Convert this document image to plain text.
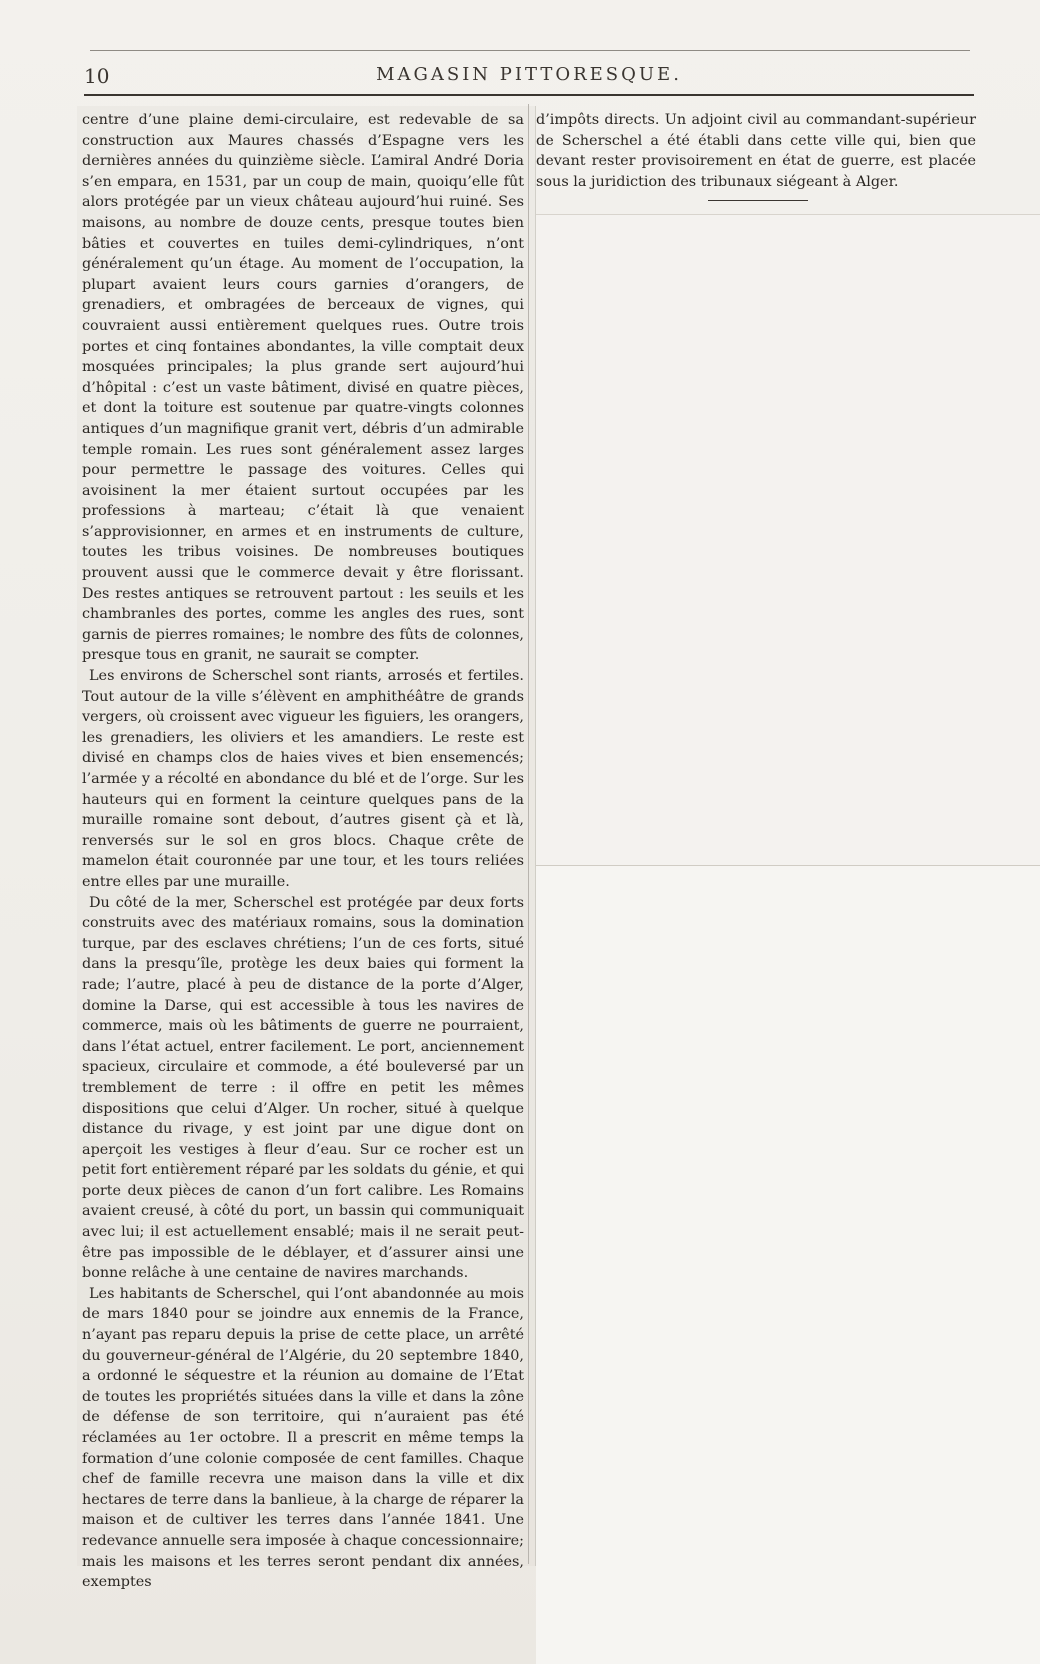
10	MAGASIN PITTORESQUE.

centre d’une plaine demi-circulaire, est redevable de sa construction aux Maures chassés d’Espagne vers les dernières années du quinzième siècle. L’amiral André Doria s’en empara, en 1531, par un coup de main, quoiqu’elle fût alors protégée par un vieux château aujourd’hui ruiné. Ses maisons, au nombre de douze cents, presque toutes bien bâties et couvertes en tuiles demi-cylindriques, n’ont généralement qu’un étage. Au moment de l’occupation, la plupart avaient leurs cours garnies d’orangers, de grenadiers, et ombragées de berceaux de vignes, qui couvraient aussi entièrement quelques rues. Outre trois portes et cinq fontaines abondantes, la ville comptait deux mosquées principales; la plus grande sert aujourd’hui d’hôpital : c’est un vaste bâtiment, divisé en quatre pièces, et dont la toiture est soutenue par quatre-vingts colonnes antiques d’un magnifique granit vert, débris d’un admirable temple romain. Les rues sont généralement assez larges pour permettre le passage des voitures. Celles qui avoisinent la mer étaient surtout occupées par les professions à marteau; c’était là que venaient s’approvisionner, en armes et en instruments de culture, toutes les tribus voisines. De nombreuses boutiques prouvent aussi que le commerce devait y être florissant. Des restes antiques se retrouvent partout : les seuils et les chambranles des portes, comme les angles des rues, sont garnis de pierres romaines; le nombre des fûts de colonnes, presque tous en granit, ne saurait se compter.

Les environs de Scherschel sont riants, arrosés et fertiles. Tout autour de la ville s’élèvent en amphithéâtre de grands vergers, où croissent avec vigueur les figuiers, les orangers, les grenadiers, les oliviers et les amandiers. Le reste est divisé en champs clos de haies vives et bien ensemencés; l’armée y a récolté en abondance du blé et de l’orge. Sur les hauteurs qui en forment la ceinture quelques pans de la muraille romaine sont debout, d’autres gisent çà et là, renversés sur le sol en gros blocs. Chaque crête de mamelon était couronnée par une tour, et les tours reliées entre elles par une muraille.

Du côté de la mer, Scherschel est protégée par deux forts construits avec des matériaux romains, sous la domination turque, par des esclaves chrétiens; l’un de ces forts, situé dans la presqu’île, protège les deux baies qui forment la rade; l’autre, placé à peu de distance de la porte d’Alger, domine la Darse, qui est accessible à tous les navires de commerce, mais où les bâtiments de guerre ne pourraient, dans l’état actuel, entrer facilement. Le port, anciennement spacieux, circulaire et commode, a été bouleversé par un tremblement de terre : il offre en petit les mêmes dispositions que celui d’Alger. Un rocher, situé à quelque distance du rivage, y est joint par une digue dont on aperçoit les vestiges à fleur d’eau. Sur ce rocher est un petit fort entièrement réparé par les soldats du génie, et qui porte deux pièces de canon d’un fort calibre. Les Romains avaient creusé, à côté du port, un bassin qui communiquait avec lui; il est actuellement ensablé; mais il ne serait peut-être pas impossible de le déblayer, et d’assurer ainsi une bonne relâche à une centaine de navires marchands.

Les habitants de Scherschel, qui l’ont abandonnée au mois de mars 1840 pour se joindre aux ennemis de la France, n’ayant pas reparu depuis la prise de cette place, un arrêté du gouverneur-général de l’Algérie, du 20 septembre 1840, a ordonné le séquestre et la réunion au domaine de l’Etat de toutes les propriétés situées dans la ville et dans la zône de défense de son territoire, qui n’auraient pas été réclamées au 1er octobre. Il a prescrit en même temps la formation d’une colonie composée de cent familles. Chaque chef de famille recevra une maison dans la ville et dix hectares de terre dans la banlieue, à la charge de réparer la maison et de cultiver les terres dans l’année 1841. Une redevance annuelle sera imposée à chaque concessionnaire; mais les maisons et les terres seront pendant dix années, exemptes

d’impôts directs. Un adjoint civil au commandant-supérieur de Scherschel a été établi dans cette ville qui, bien que devant rester provisoirement en état de guerre, est placée sous la juridiction des tribunaux siégeant à Alger.
